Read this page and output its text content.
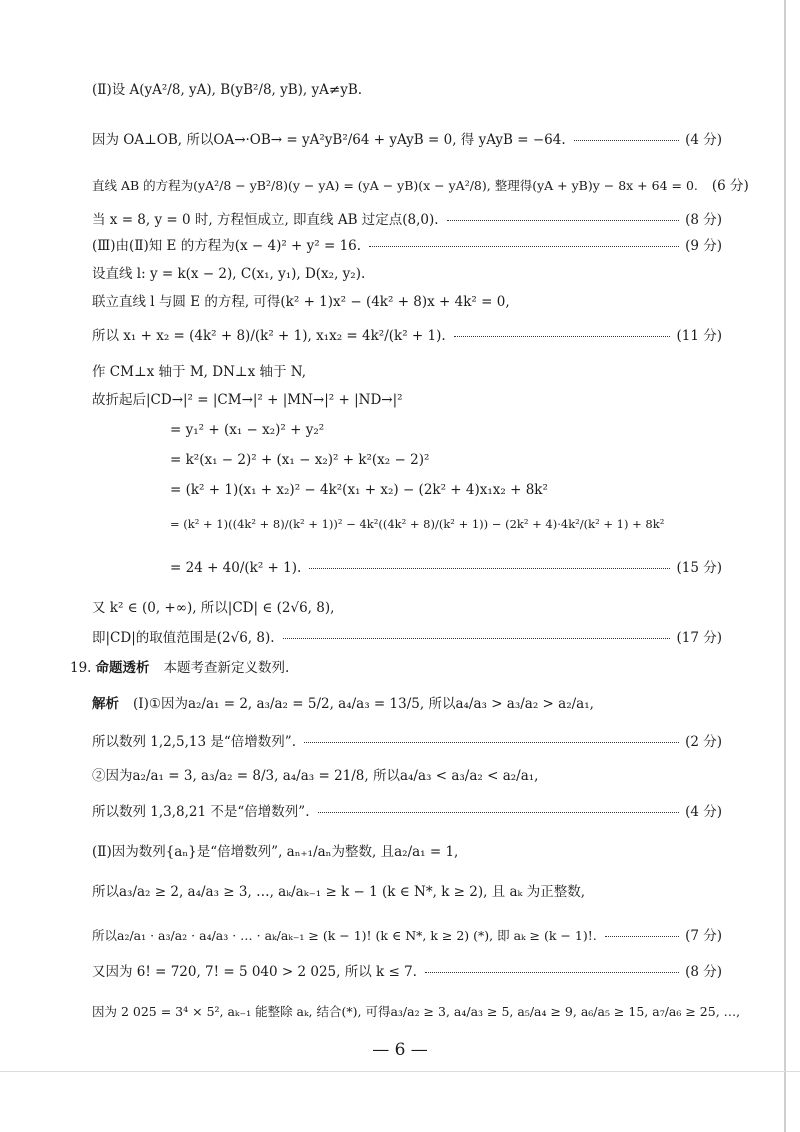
(Ⅱ)设 A(yA²/8, yA), B(yB²/8, yB), yA≠yB.
因为 OA⊥OB, 所以OA→·OB→ = yA²yB²/64 + yAyB = 0, 得 yAyB = −64.	(4 分)
直线 AB 的方程为(yA²/8 − yB²/8)(y − yA) = (yA − yB)(x − yA²/8), 整理得(yA + yB)y − 8x + 64 = 0. (6 分)
当 x = 8, y = 0 时, 方程恒成立, 即直线 AB 过定点(8,0).	(8 分)
(Ⅲ)由(Ⅱ)知 E 的方程为(x − 4)² + y² = 16.	(9 分)
设直线 l: y = k(x − 2), C(x₁, y₁), D(x₂, y₂).
联立直线 l 与圆 E 的方程, 可得(k² + 1)x² − (4k² + 8)x + 4k² = 0,
所以 x₁ + x₂ = (4k² + 8)/(k² + 1), x₁x₂ = 4k²/(k² + 1).	(11 分)
作 CM⊥x 轴于 M, DN⊥x 轴于 N,
故折起后|CD→|² = |CM→|² + |MN→|² + |ND→|²
= y₁² + (x₁ − x₂)² + y₂²
= k²(x₁ − 2)² + (x₁ − x₂)² + k²(x₂ − 2)²
= (k² + 1)(x₁ + x₂)² − 4k²(x₁ + x₂) − (2k² + 4)x₁x₂ + 8k²
= (k² + 1)((4k² + 8)/(k² + 1))² − 4k²((4k² + 8)/(k² + 1)) − (2k² + 4)·4k²/(k² + 1) + 8k²
= 24 + 40/(k² + 1).	(15 分)
又 k² ∈ (0, +∞), 所以|CD| ∈ (2√6, 8),
即|CD|的取值范围是(2√6, 8).	(17 分)
19. 命题透析 本题考查新定义数列.
解析 (Ⅰ)①因为a₂/a₁ = 2, a₃/a₂ = 5/2, a₄/a₃ = 13/5, 所以a₄/a₃ > a₃/a₂ > a₂/a₁,
所以数列 1,2,5,13 是“倍增数列”.	(2 分)
②因为a₂/a₁ = 3, a₃/a₂ = 8/3, a₄/a₃ = 21/8, 所以a₄/a₃ < a₃/a₂ < a₂/a₁,
所以数列 1,3,8,21 不是“倍增数列”.	(4 分)
(Ⅱ)因为数列{aₙ}是“倍增数列”, aₙ₊₁/aₙ为整数, 且a₂/a₁ = 1,
所以a₃/a₂ ≥ 2, a₄/a₃ ≥ 3, …, aₖ/aₖ₋₁ ≥ k − 1 (k ∈ N*, k ≥ 2), 且 aₖ 为正整数,
所以a₂/a₁ · a₃/a₂ · a₄/a₃ · … · aₖ/aₖ₋₁ ≥ (k − 1)! (k ∈ N*, k ≥ 2) (*), 即 aₖ ≥ (k − 1)!.	(7 分)
又因为 6! = 720, 7! = 5 040 > 2 025, 所以 k ≤ 7.	(8 分)
因为 2 025 = 3⁴ × 5², aₖ₋₁ 能整除 aₖ, 结合(*), 可得a₃/a₂ ≥ 3, a₄/a₃ ≥ 5, a₅/a₄ ≥ 9, a₆/a₅ ≥ 15, a₇/a₆ ≥ 25, …,
— 6 —
